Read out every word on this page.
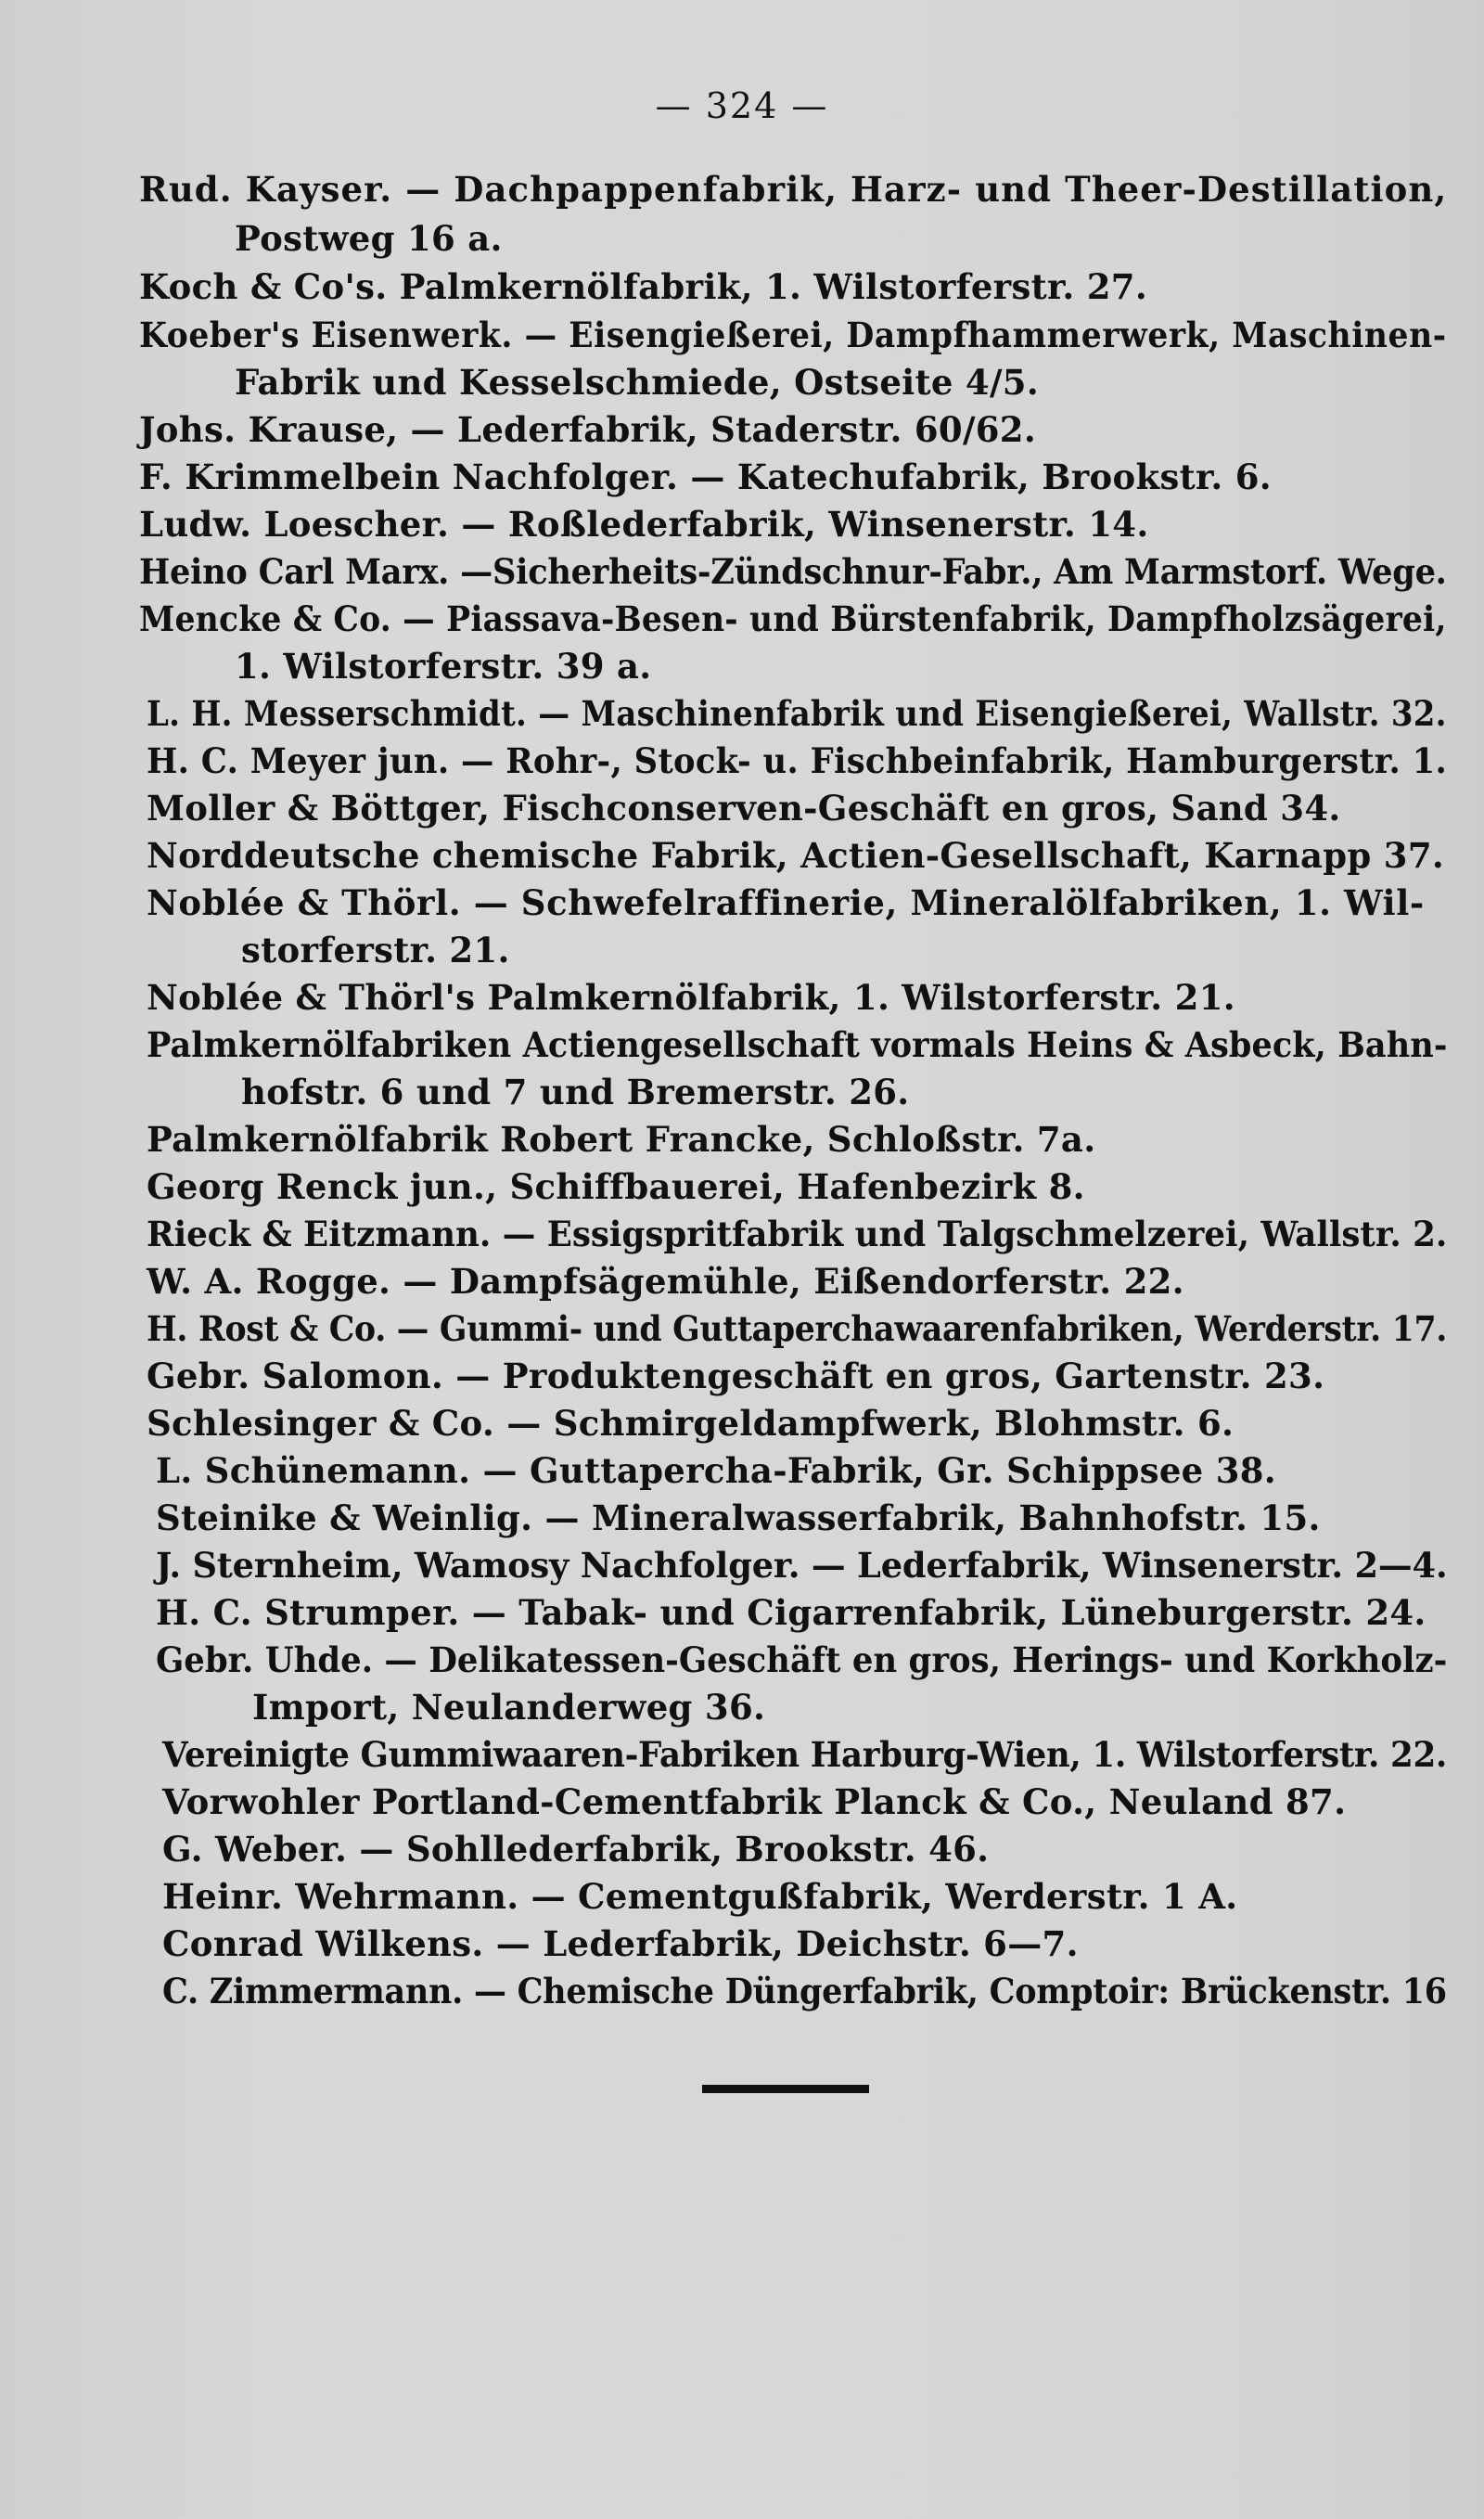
— 324 —
Rud. Kayser. — Dachpappenfabrik, Harz- und Theer-Destillation,
Postweg 16 a.
Koch & Co's. Palmkernölfabrik, 1. Wilstorferstr. 27.
Koeber's Eisenwerk. — Eisengießerei, Dampfhammerwerk, Maschinen-
Fabrik und Kesselschmiede, Ostseite 4/5.
Johs. Krause, — Lederfabrik, Staderstr. 60/62.
F. Krimmelbein Nachfolger. — Katechufabrik, Brookstr. 6.
Ludw. Loescher. — Roßlederfabrik, Winsenerstr. 14.
Heino Carl Marx. —Sicherheits-Zündschnur-Fabr., Am Marmstorf. Wege.
Mencke & Co. — Piassava-Besen- und Bürstenfabrik, Dampfholzsägerei,
1. Wilstorferstr. 39 a.
L. H. Messerschmidt. — Maschinenfabrik und Eisengießerei, Wallstr. 32.
H. C. Meyer jun. — Rohr-, Stock- u. Fischbeinfabrik, Hamburgerstr. 1.
Moller & Böttger, Fischconserven-Geschäft en gros, Sand 34.
Norddeutsche chemische Fabrik, Actien-Gesellschaft, Karnapp 37.
Noblée & Thörl. — Schwefelraffinerie, Mineralölfabriken, 1. Wil-
storferstr. 21.
Noblée & Thörl's Palmkernölfabrik, 1. Wilstorferstr. 21.
Palmkernölfabriken Actiengesellschaft vormals Heins & Asbeck, Bahn-
hofstr. 6 und 7 und Bremerstr. 26.
Palmkernölfabrik Robert Francke, Schloßstr. 7a.
Georg Renck jun., Schiffbauerei, Hafenbezirk 8.
Rieck & Eitzmann. — Essigspritfabrik und Talgschmelzerei, Wallstr. 2.
W. A. Rogge. — Dampfsägemühle, Eißendorferstr. 22.
H. Rost & Co. — Gummi- und Guttaperchawaarenfabriken, Werderstr. 17.
Gebr. Salomon. — Produktengeschäft en gros, Gartenstr. 23.
Schlesinger & Co. — Schmirgeldampfwerk, Blohmstr. 6.
L. Schünemann. — Guttapercha-Fabrik, Gr. Schippsee 38.
Steinike & Weinlig. — Mineralwasserfabrik, Bahnhofstr. 15.
J. Sternheim, Wamosy Nachfolger. — Lederfabrik, Winsenerstr. 2—4.
H. C. Strumper. — Tabak- und Cigarrenfabrik, Lüneburgerstr. 24.
Gebr. Uhde. — Delikatessen-Geschäft en gros, Herings- und Korkholz-
Import, Neulanderweg 36.
Vereinigte Gummiwaaren-Fabriken Harburg-Wien, 1. Wilstorferstr. 22.
Vorwohler Portland-Cementfabrik Planck & Co., Neuland 87.
G. Weber. — Sohllederfabrik, Brookstr. 46.
Heinr. Wehrmann. — Cementgußfabrik, Werderstr. 1 A.
Conrad Wilkens. — Lederfabrik, Deichstr. 6—7.
C. Zimmermann. — Chemische Düngerfabrik, Comptoir: Brückenstr. 16
